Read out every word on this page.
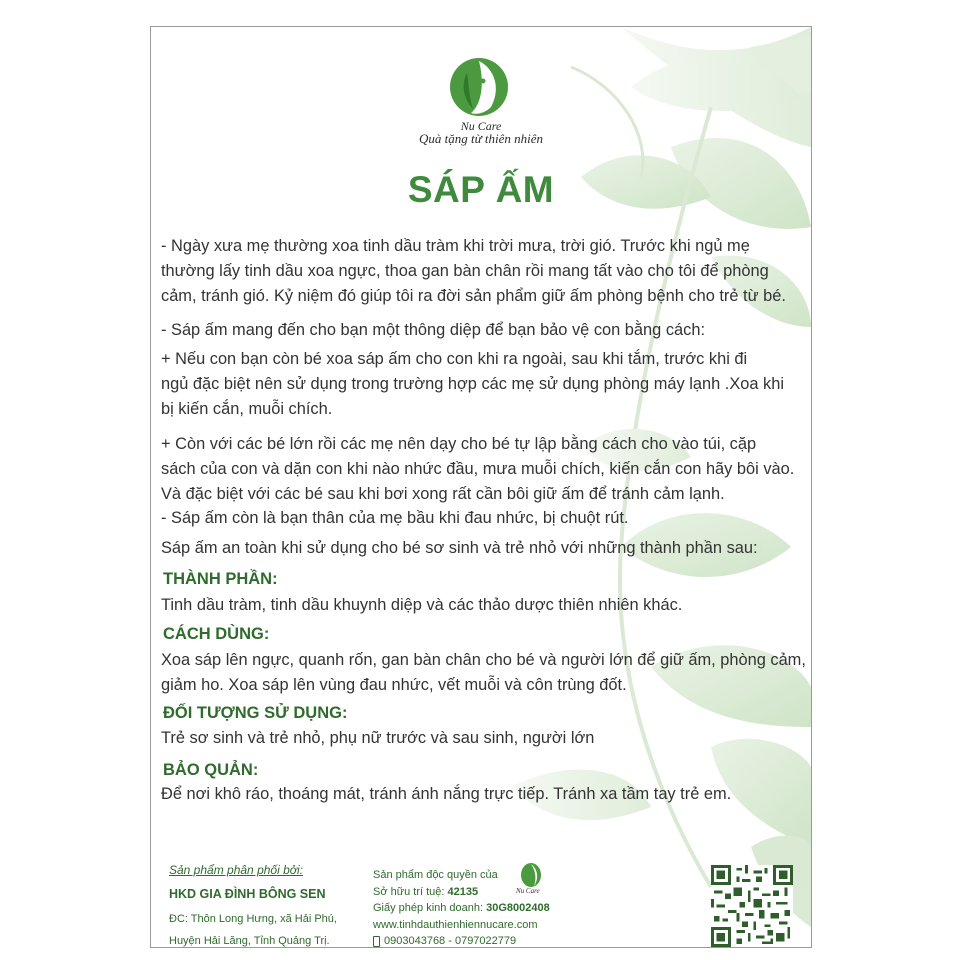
Nu Care
Quà tặng từ thiên nhiên
SÁP ẤM
- Ngày xưa mẹ thường xoa tinh dầu tràm khi trời mưa, trời gió. Trước khi ngủ mẹ
thường lấy tinh dầu xoa ngực, thoa gan bàn chân rồi mang tất vào cho tôi để phòng
cảm, tránh gió. Kỷ niệm đó giúp tôi ra đời sản phẩm giữ ấm phòng bệnh cho trẻ từ bé.
- Sáp ấm mang đến cho bạn một thông diệp để bạn bảo vệ con bằng cách:
+ Nếu con bạn còn bé xoa sáp ấm cho con khi ra ngoài, sau khi tắm, trước khi đi
ngủ đặc biệt nên sử dụng trong trường hợp các mẹ sử dụng phòng máy lạnh .Xoa khi
bị kiến cắn, muỗi chích.
+ Còn với các bé lớn rồi các mẹ nên dạy cho bé tự lập bằng cách cho vào túi, cặp
sách của con và dặn con khi nào nhức đầu, mưa muỗi chích, kiến cắn con hãy bôi vào.
Và đặc biệt với các bé sau khi bơi xong rất cần bôi giữ ấm để tránh cảm lạnh.
- Sáp ấm còn là bạn thân của mẹ bầu khi đau nhức, bị chuột rút.
Sáp ấm an toàn khi sử dụng cho bé sơ sinh và trẻ nhỏ với những thành phần sau:
THÀNH PHẦN:
Tinh dầu tràm, tinh dầu khuynh diệp và các thảo dược thiên nhiên khác.
CÁCH DÙNG:
Xoa sáp lên ngực, quanh rốn, gan bàn chân cho bé và người lớn để giữ ấm, phòng cảm,
giảm ho. Xoa sáp lên vùng đau nhức, vết muỗi và côn trùng đốt.
ĐỐI TƯỢNG SỬ DỤNG:
Trẻ sơ sinh và trẻ nhỏ, phụ nữ trước và sau sinh, người lớn
BẢO QUẢN:
Để nơi khô ráo, thoáng mát, tránh ánh nắng trực tiếp. Tránh xa tầm tay trẻ em.
Sản phẩm phân phối bởi:
HKD GIA ĐÌNH BÔNG SEN
ĐC: Thôn Long Hưng, xã Hải Phú,
Huyện Hải Lăng, Tỉnh Quảng Trị.
Sản phẩm độc quyền của
Sở hữu trí tuệ: 42135
Giấy phép kinh doanh: 30G8002408
www.tinhdauthienhiennucare.com
0903043768 - 0797022779
Nu Care
